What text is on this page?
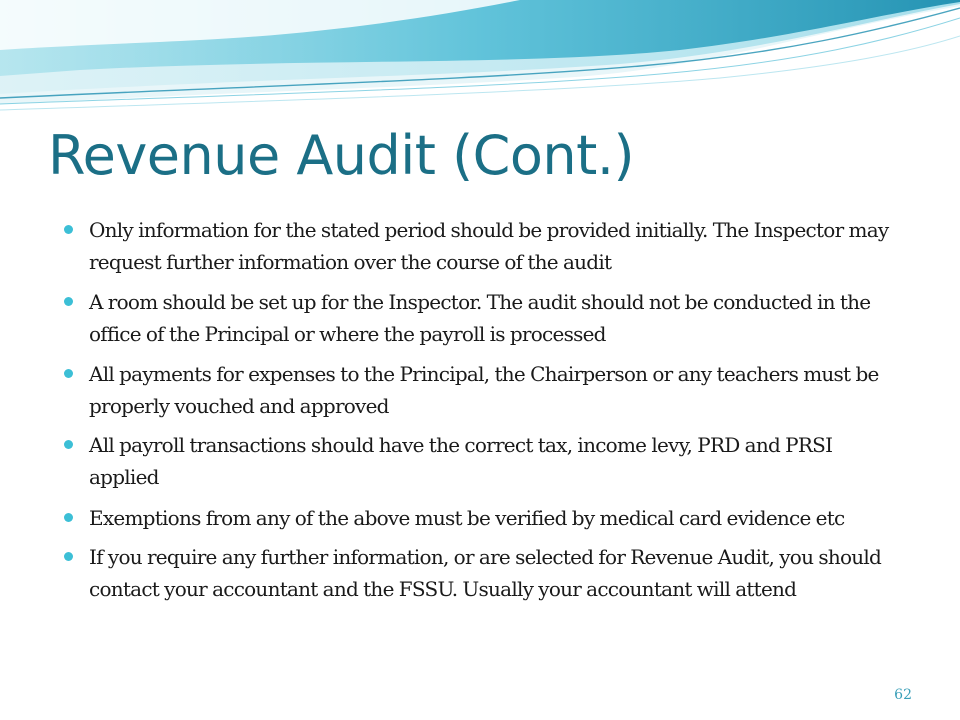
Revenue Audit (Cont.)
Only information for the stated period should be provided initially. The Inspector may request further information over the course of the audit
A room should be set up for the Inspector. The audit should not be conducted in the office of the Principal or where the payroll is processed
All payments for expenses to the Principal, the Chairperson or any teachers must be properly vouched and approved
All payroll transactions should have the correct tax, income levy, PRD and PRSI applied
Exemptions from any of the above must be verified by medical card evidence etc
If you require any further information, or are selected for Revenue Audit, you should contact your accountant and the FSSU. Usually your accountant will attend
62
